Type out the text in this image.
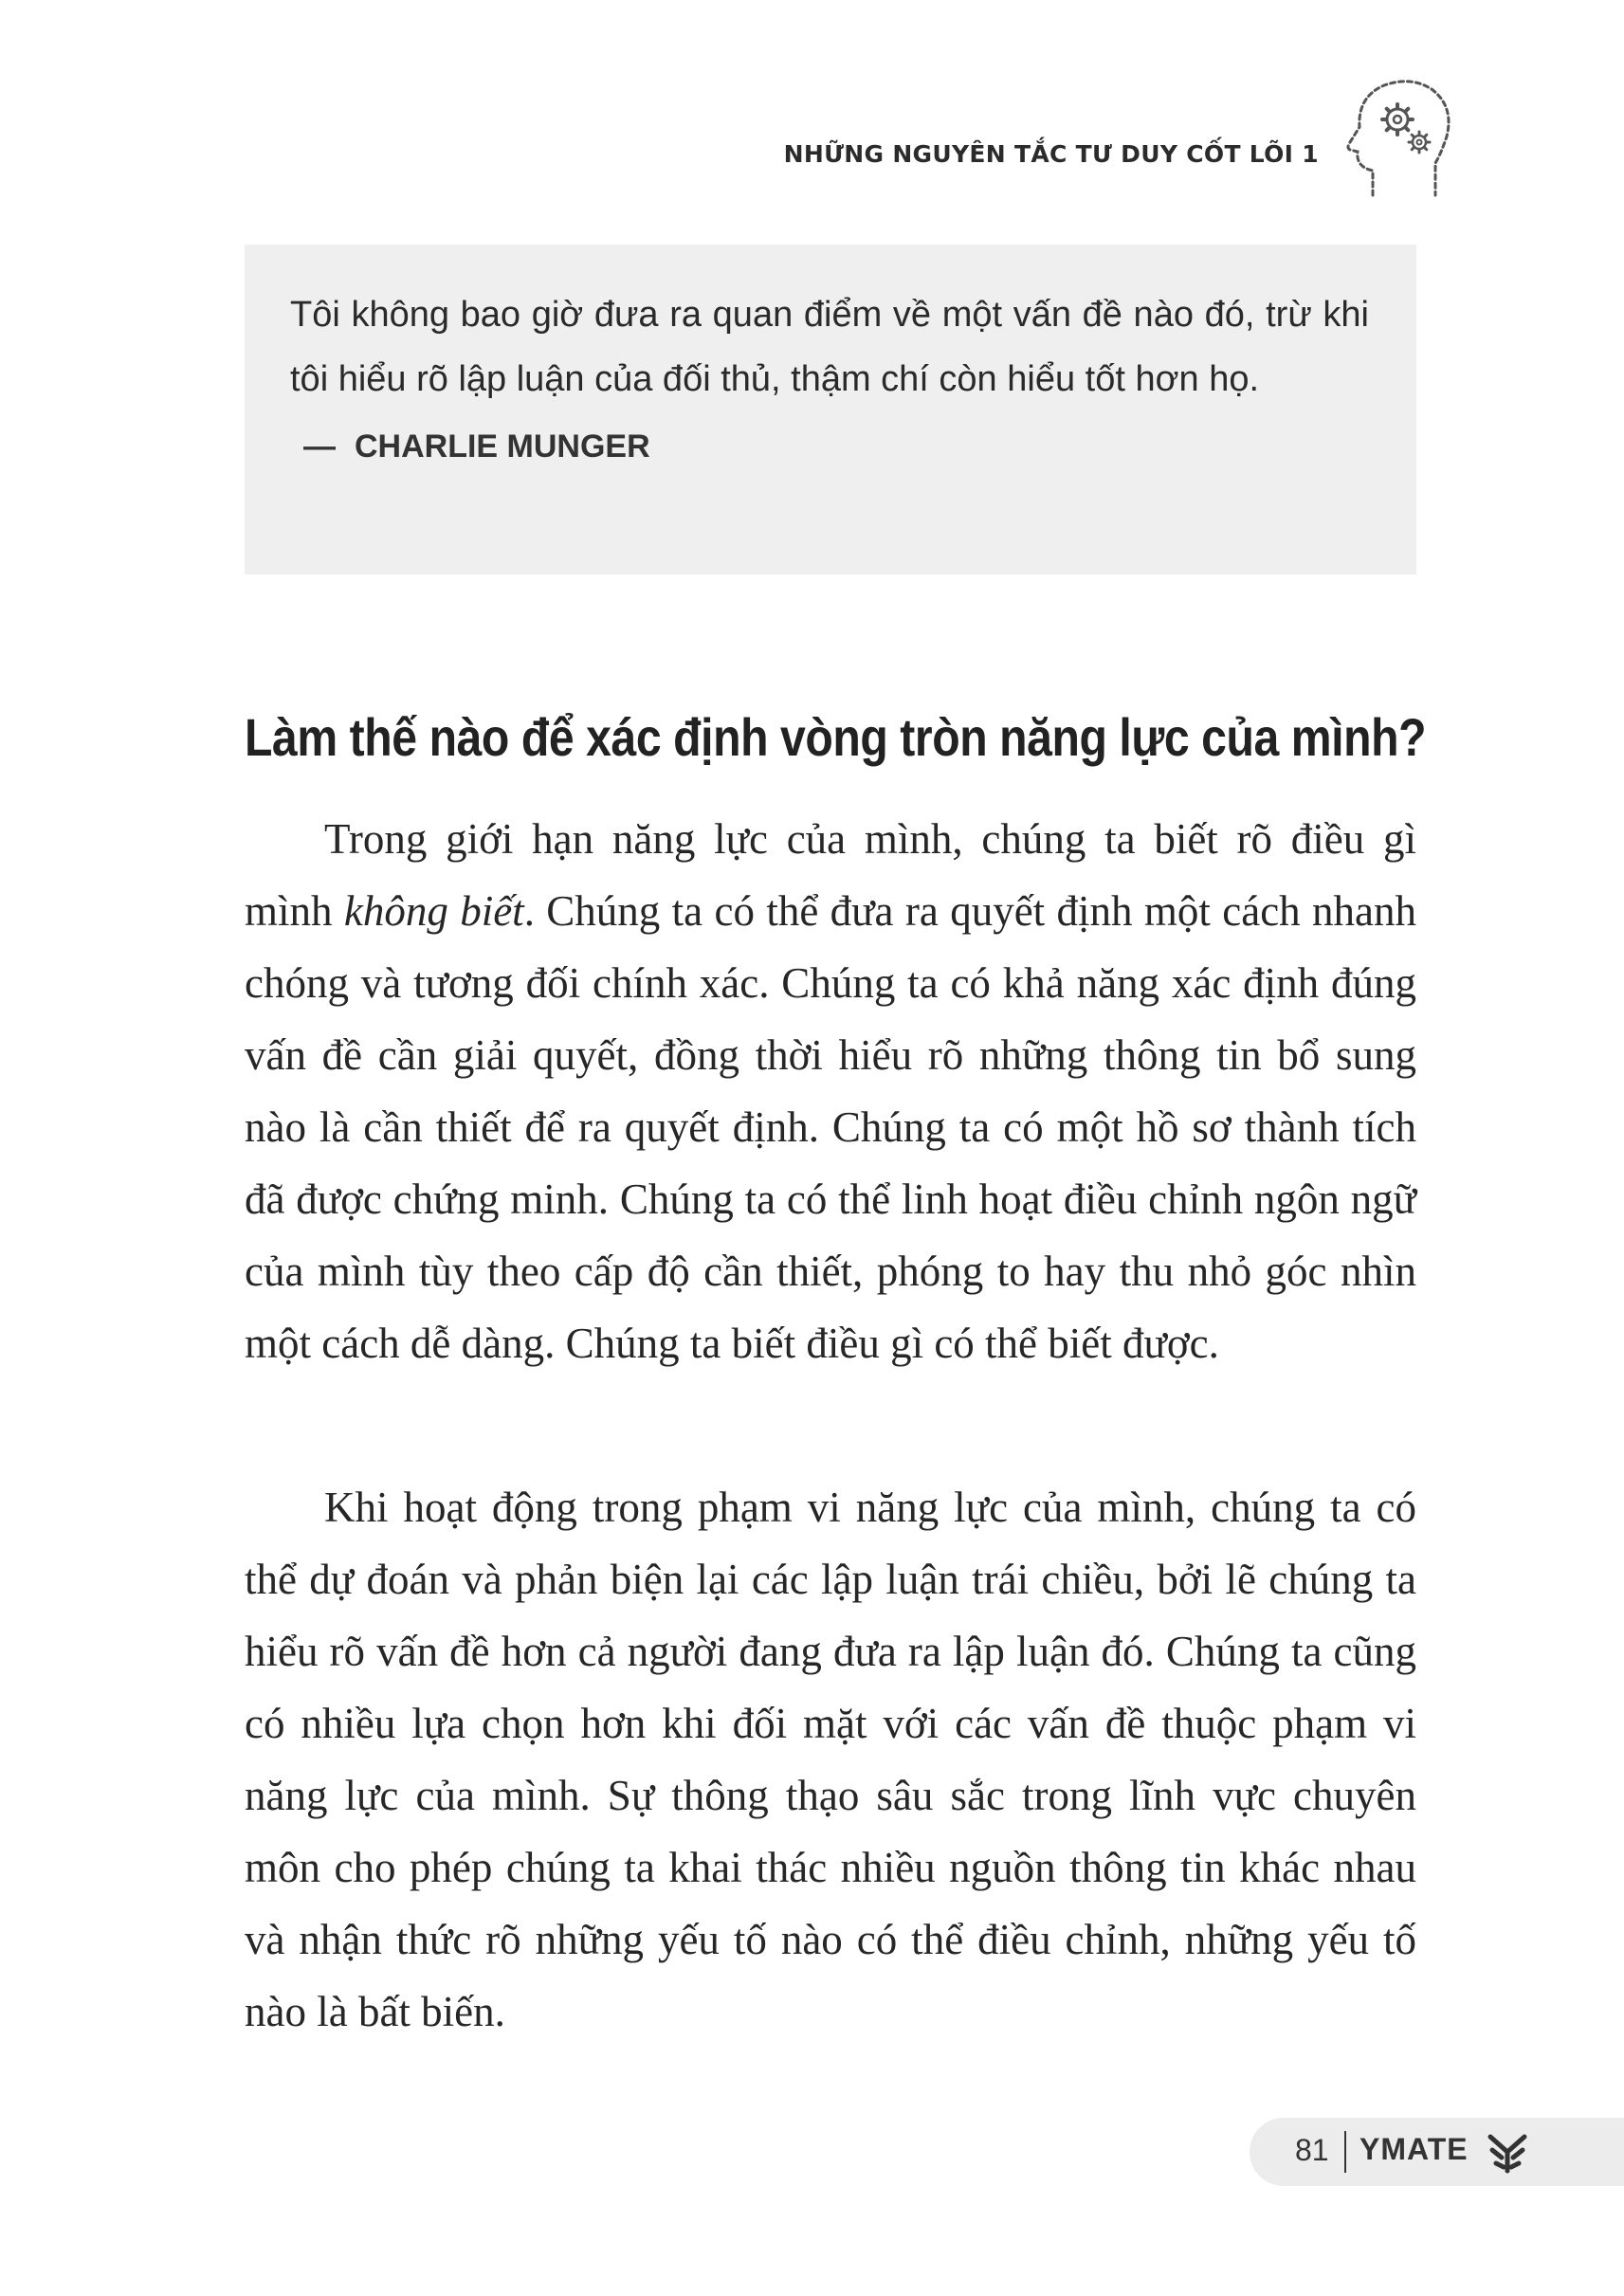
NHỮNG NGUYÊN TẮC TƯ DUY CỐT LÕI 1

Tôi không bao giờ đưa ra quan điểm về một vấn đề nào đó, trừ khi tôi hiểu rõ lập luận của đối thủ, thậm chí còn hiểu tốt hơn họ.

— CHARLIE MUNGER
Làm thế nào để xác định vòng tròn năng lực của mình?

Trong giới hạn năng lực của mình, chúng ta biết rõ điều gì mình không biết. Chúng ta có thể đưa ra quyết định một cách nhanh chóng và tương đối chính xác. Chúng ta có khả năng xác định đúng vấn đề cần giải quyết, đồng thời hiểu rõ những thông tin bổ sung nào là cần thiết để ra quyết định. Chúng ta có một hồ sơ thành tích đã được chứng minh. Chúng ta có thể linh hoạt điều chỉnh ngôn ngữ của mình tùy theo cấp độ cần thiết, phóng to hay thu nhỏ góc nhìn một cách dễ dàng. Chúng ta biết điều gì có thể biết được.

Khi hoạt động trong phạm vi năng lực của mình, chúng ta có thể dự đoán và phản biện lại các lập luận trái chiều, bởi lẽ chúng ta hiểu rõ vấn đề hơn cả người đang đưa ra lập luận đó. Chúng ta cũng có nhiều lựa chọn hơn khi đối mặt với các vấn đề thuộc phạm vi năng lực của mình. Sự thông thạo sâu sắc trong lĩnh vực chuyên môn cho phép chúng ta khai thác nhiều nguồn thông tin khác nhau và nhận thức rõ những yếu tố nào có thể điều chỉnh, những yếu tố nào là bất biến.

81 YMATE
